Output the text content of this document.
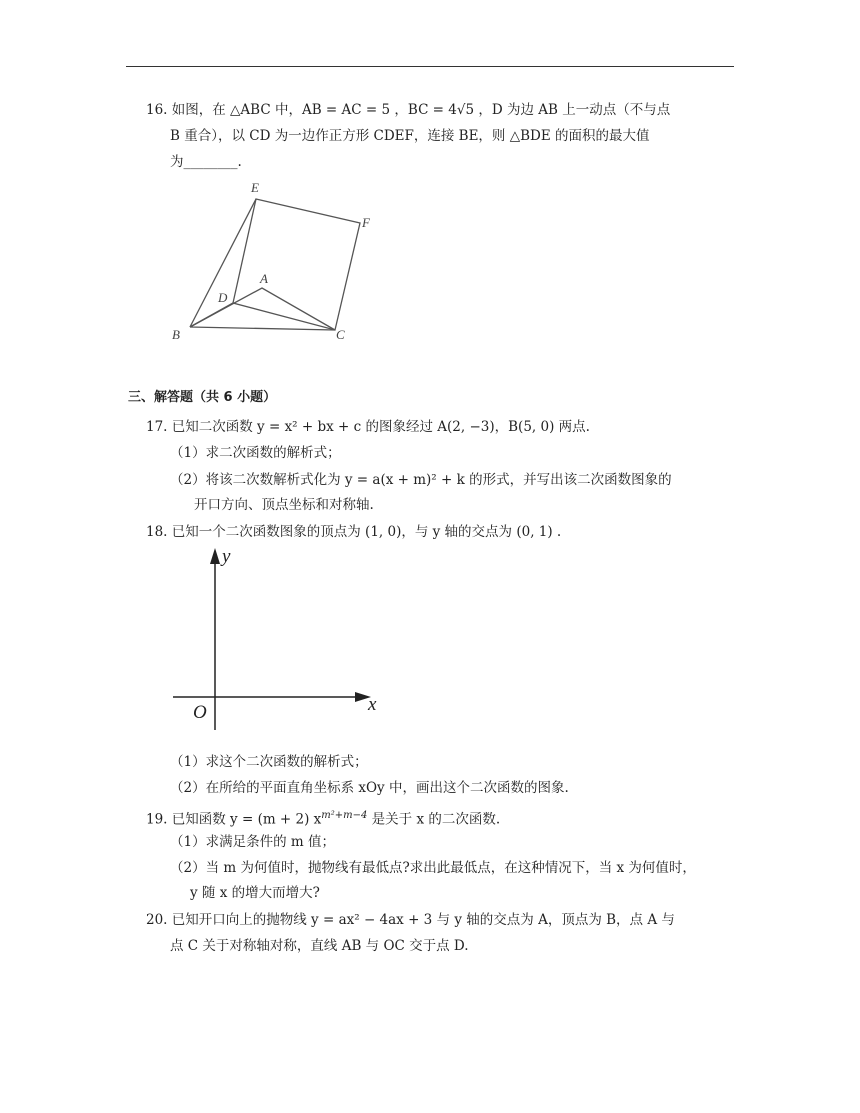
16. 如图，在 △ABC 中，AB = AC = 5 ，BC = 4√5 ，D 为边 AB 上一动点（不与点
B 重合），以 CD 为一边作正方形 CDEF，连接 BE，则 △BDE 的面积的最大值
为________.
E
F
A
D
B	C
三、解答题（共 6 小题）
17. 已知二次函数 y = x² + bx + c 的图象经过 A(2, −3)，B(5, 0) 两点.
（1）求二次函数的解析式；
（2）将该二次数解析式化为 y = a(x + m)² + k 的形式，并写出该二次函数图象的
开口方向、顶点坐标和对称轴.
18. 已知一个二次函数图象的顶点为 (1, 0)，与 y 轴的交点为 (0, 1) .
y
x
O
（1）求这个二次函数的解析式；
（2）在所给的平面直角坐标系 xOy 中，画出这个二次函数的图象.
19. 已知函数 y = (m + 2) $x^{m^2+m-4}$ 是关于 x 的二次函数.
（1）求满足条件的 m 值；
（2）当 m 为何值时，抛物线有最低点?求出此最低点，在这种情况下，当 x 为何值时，
y 随 x 的增大而增大?
20. 已知开口向上的抛物线 y = ax² − 4ax + 3 与 y 轴的交点为 A，顶点为 B，点 A 与
点 C 关于对称轴对称，直线 AB 与 OC 交于点 D.
